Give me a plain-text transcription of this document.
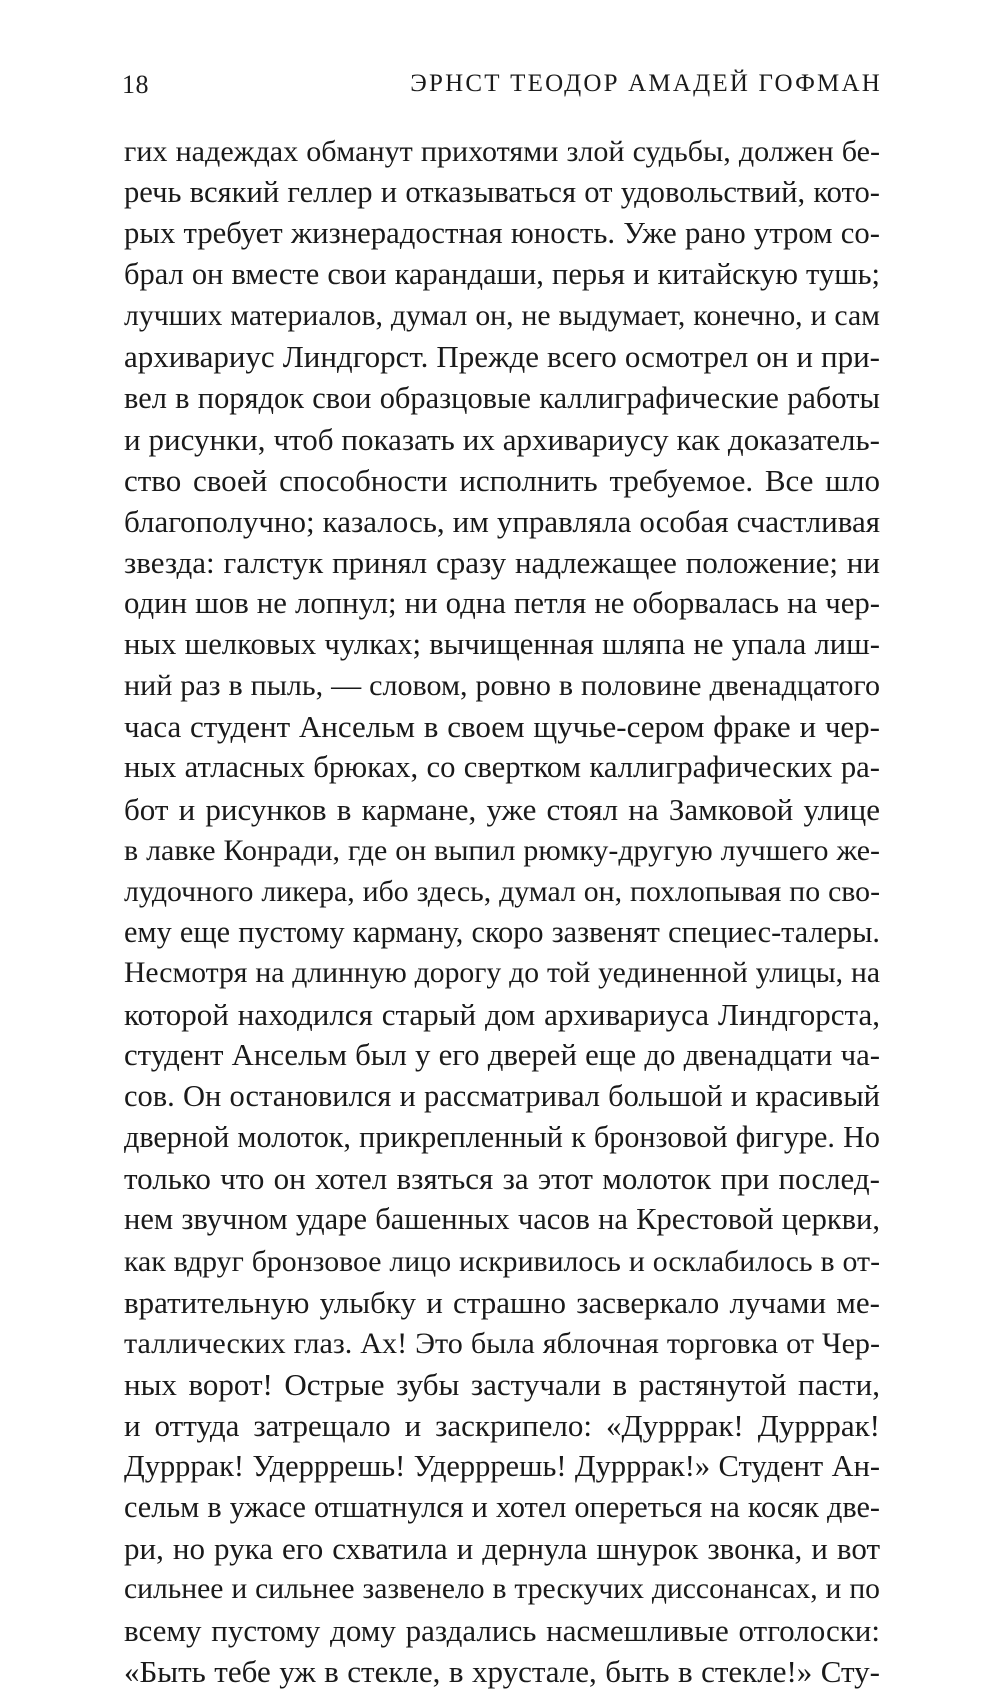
18	ЭРНСТ ТЕОДОР АМАДЕЙ ГОФМАН
гих надеждах обманут прихотями злой судьбы, должен бе-
речь всякий геллер и отказываться от удовольствий, кото-
рых требует жизнерадостная юность. Уже рано утром со-
брал он вместе свои карандаши, перья и китайскую тушь;
лучших материалов, думал он, не выдумает, конечно, и сам
архивариус Линдгорст. Прежде всего осмотрел он и при-
вел в порядок свои образцовые каллиграфические работы
и рисунки, чтоб показать их архивариусу как доказатель-
ство своей способности исполнить требуемое. Все шло
благополучно; казалось, им управляла особая счастливая
звезда: галстук принял сразу надлежащее положение; ни
один шов не лопнул; ни одна петля не оборвалась на чер-
ных шелковых чулках; вычищенная шляпа не упала лиш-
ний раз в пыль, — словом, ровно в половине двенадцатого
часа студент Ансельм в своем щучье-сером фраке и чер-
ных атласных брюках, со свертком каллиграфических ра-
бот и рисунков в кармане, уже стоял на Замковой улице
в лавке Конради, где он выпил рюмку-другую лучшего же-
лудочного ликера, ибо здесь, думал он, похлопывая по сво-
ему еще пустому карману, скоро зазвенят специес-талеры.
Несмотря на длинную дорогу до той уединенной улицы, на
которой находился старый дом архивариуса Линдгорста,
студент Ансельм был у его дверей еще до двенадцати ча-
сов. Он остановился и рассматривал большой и красивый
дверной молоток, прикрепленный к бронзовой фигуре. Но
только что он хотел взяться за этот молоток при послед-
нем звучном ударе башенных часов на Крестовой церкви,
как вдруг бронзовое лицо искривилось и осклабилось в от-
вратительную улыбку и страшно засверкало лучами ме-
таллических глаз. Ах! Это была яблочная торговка от Чер-
ных ворот! Острые зубы застучали в растянутой пасти,
и оттуда затрещало и заскрипело: «Дурррак! Дурррак!
Дурррак! Удерррешь! Удерррешь! Дурррак!» Студент Ан-
сельм в ужасе отшатнулся и хотел опереться на косяк две-
ри, но рука его схватила и дернула шнурок звонка, и вот
сильнее и сильнее зазвенело в трескучих диссонансах, и по
всему пустому дому раздались насмешливые отголоски:
«Быть тебе уж в стекле, в хрустале, быть в стекле!» Сту-
